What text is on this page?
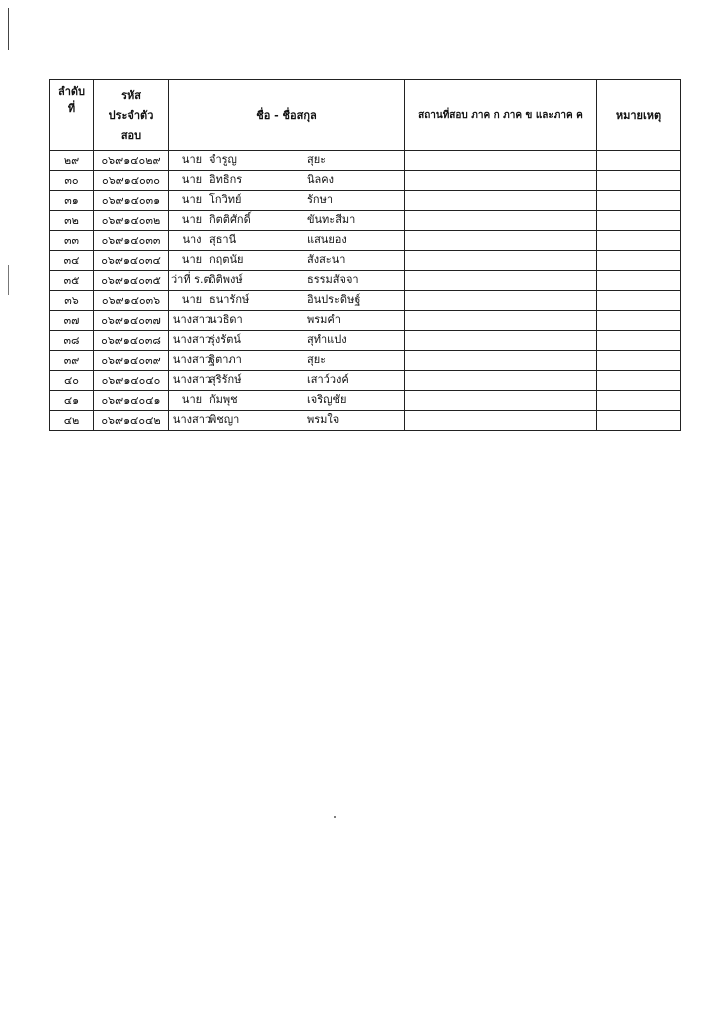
ลำดับ
ที่	รหัส
ประจำตัว
สอบ	ชื่อ - ชื่อสกุล	สถานที่สอบ ภาค ก ภาค ข และภาค ค	หมายเหตุ
๒๙	๐๖๙๑๔๐๒๙	นาย จำรูญ สุยะ		

๓๐	๐๖๙๑๔๐๓๐	นาย อิทธิกร นิลคง		

๓๑	๐๖๙๑๔๐๓๑	นาย โกวิทย์ รักษา		

๓๒	๐๖๙๑๔๐๓๒	นาย กิตติศักดิ์ ขันทะสีมา		

๓๓	๐๖๙๑๔๐๓๓	นาง สุธานี แสนยอง		

๓๔	๐๖๙๑๔๐๓๔	นาย กฤตนัย สังสะนา		

๓๕	๐๖๙๑๔๐๓๕	ว่าที่ ร.ต.
กิติพงษ์ ธรรมสัจจา		

๓๖	๐๖๙๑๔๐๓๖	นาย ธนารักษ์ อินประดิษฐ์		

๓๗	๐๖๙๑๔๐๓๗	นางสาว
นวธิดา พรมคำ		

๓๘	๐๖๙๑๔๐๓๘	นางสาว
รุ่งรัตน์ สุทำแปง		

๓๙	๐๖๙๑๔๐๓๙	นางสาว
ฐิตาภา สุยะ		

๔๐	๐๖๙๑๔๐๔๐	นางสาว
สุริรักษ์ เสาว์วงค์		

๔๑	๐๖๙๑๔๐๔๑	นาย กัมพุช เจริญชัย		

๔๒	๐๖๙๑๔๐๔๒	นางสาว
พิชญา พรมใจ		
